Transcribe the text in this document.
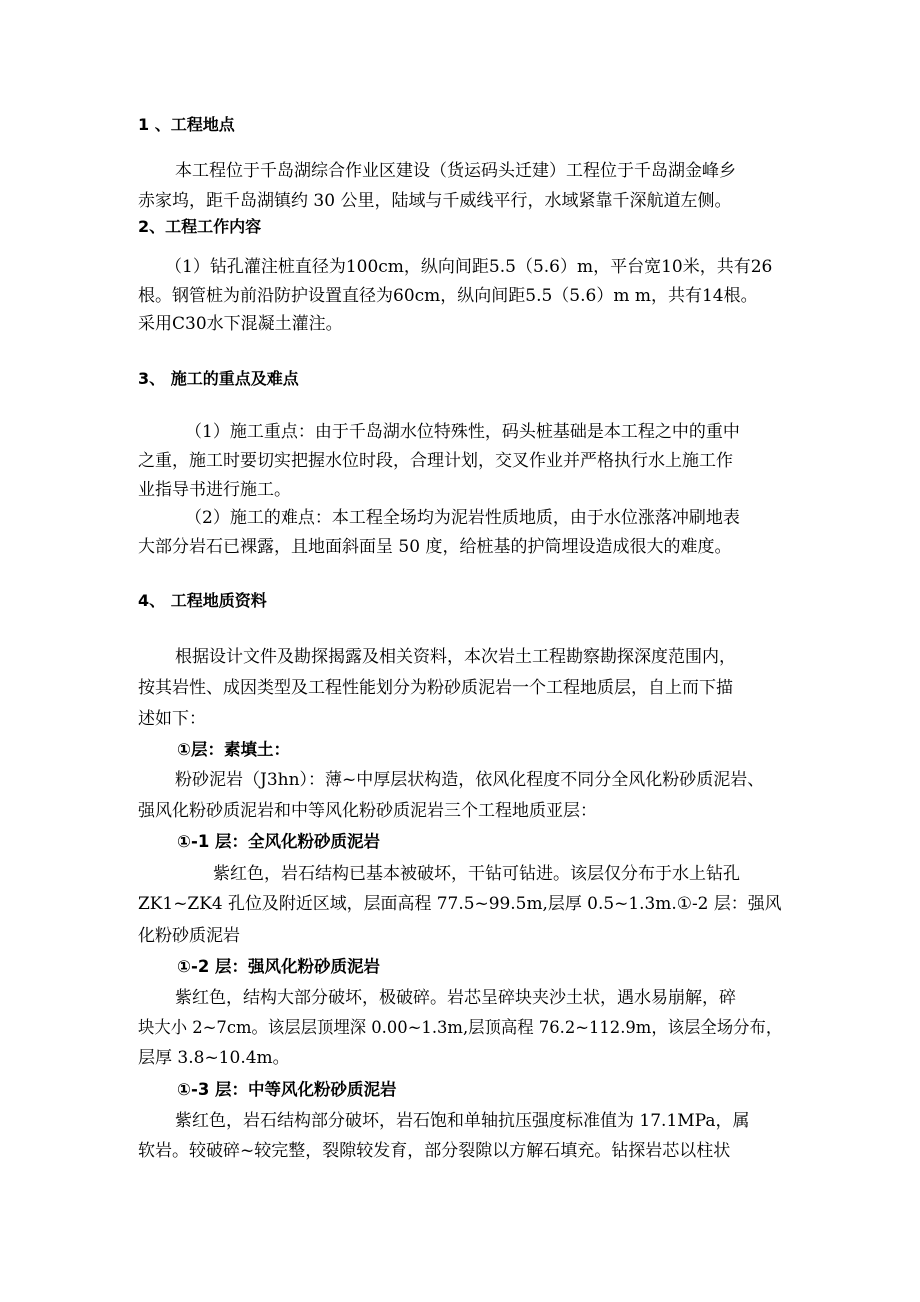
1 、工程地点
本工程位于千岛湖综合作业区建设（货运码头迁建）工程位于千岛湖金峰乡
赤家坞，距千岛湖镇约 30 公里，陆域与千威线平行，水域紧靠千深航道左侧。
2、工程工作内容
（1）钻孔灌注桩直径为100cm，纵向间距5.5（5.6）m，平台宽10米，共有26
根。钢管桩为前沿防护设置直径为60cm，纵向间距5.5（5.6）m m，共有14根。
采用C30水下混凝土灌注。
3、 施工的重点及难点
（1）施工重点：由于千岛湖水位特殊性，码头桩基础是本工程之中的重中
之重，施工时要切实把握水位时段，合理计划，交叉作业并严格执行水上施工作
业指导书进行施工。
（2）施工的难点：本工程全场均为泥岩性质地质，由于水位涨落冲刷地表
大部分岩石已裸露，且地面斜面呈 50 度，给桩基的护筒埋设造成很大的难度。
4、 工程地质资料
根据设计文件及勘探揭露及相关资料，本次岩土工程勘察勘探深度范围内，
按其岩性、成因类型及工程性能划分为粉砂质泥岩一个工程地质层，自上而下描
述如下：
①层：素填土：
粉砂泥岩（J3hn）：薄~中厚层状构造，依风化程度不同分全风化粉砂质泥岩、
强风化粉砂质泥岩和中等风化粉砂质泥岩三个工程地质亚层：
①-1 层：全风化粉砂质泥岩
紫红色，岩石结构已基本被破坏，干钻可钻进。该层仅分布于水上钻孔
ZK1~ZK4 孔位及附近区域，层面高程 77.5~99.5m,层厚 0.5~1.3m.①-2 层：强风
化粉砂质泥岩
①-2 层：强风化粉砂质泥岩
紫红色，结构大部分破坏，极破碎。岩芯呈碎块夹沙土状，遇水易崩解，碎
块大小 2~7cm。该层层顶埋深 0.00~1.3m,层顶高程 76.2~112.9m，该层全场分布，
层厚 3.8~10.4m。
①-3 层：中等风化粉砂质泥岩
紫红色，岩石结构部分破坏，岩石饱和单轴抗压强度标准值为 17.1MPa，属
软岩。较破碎~较完整，裂隙较发育，部分裂隙以方解石填充。钻探岩芯以柱状
